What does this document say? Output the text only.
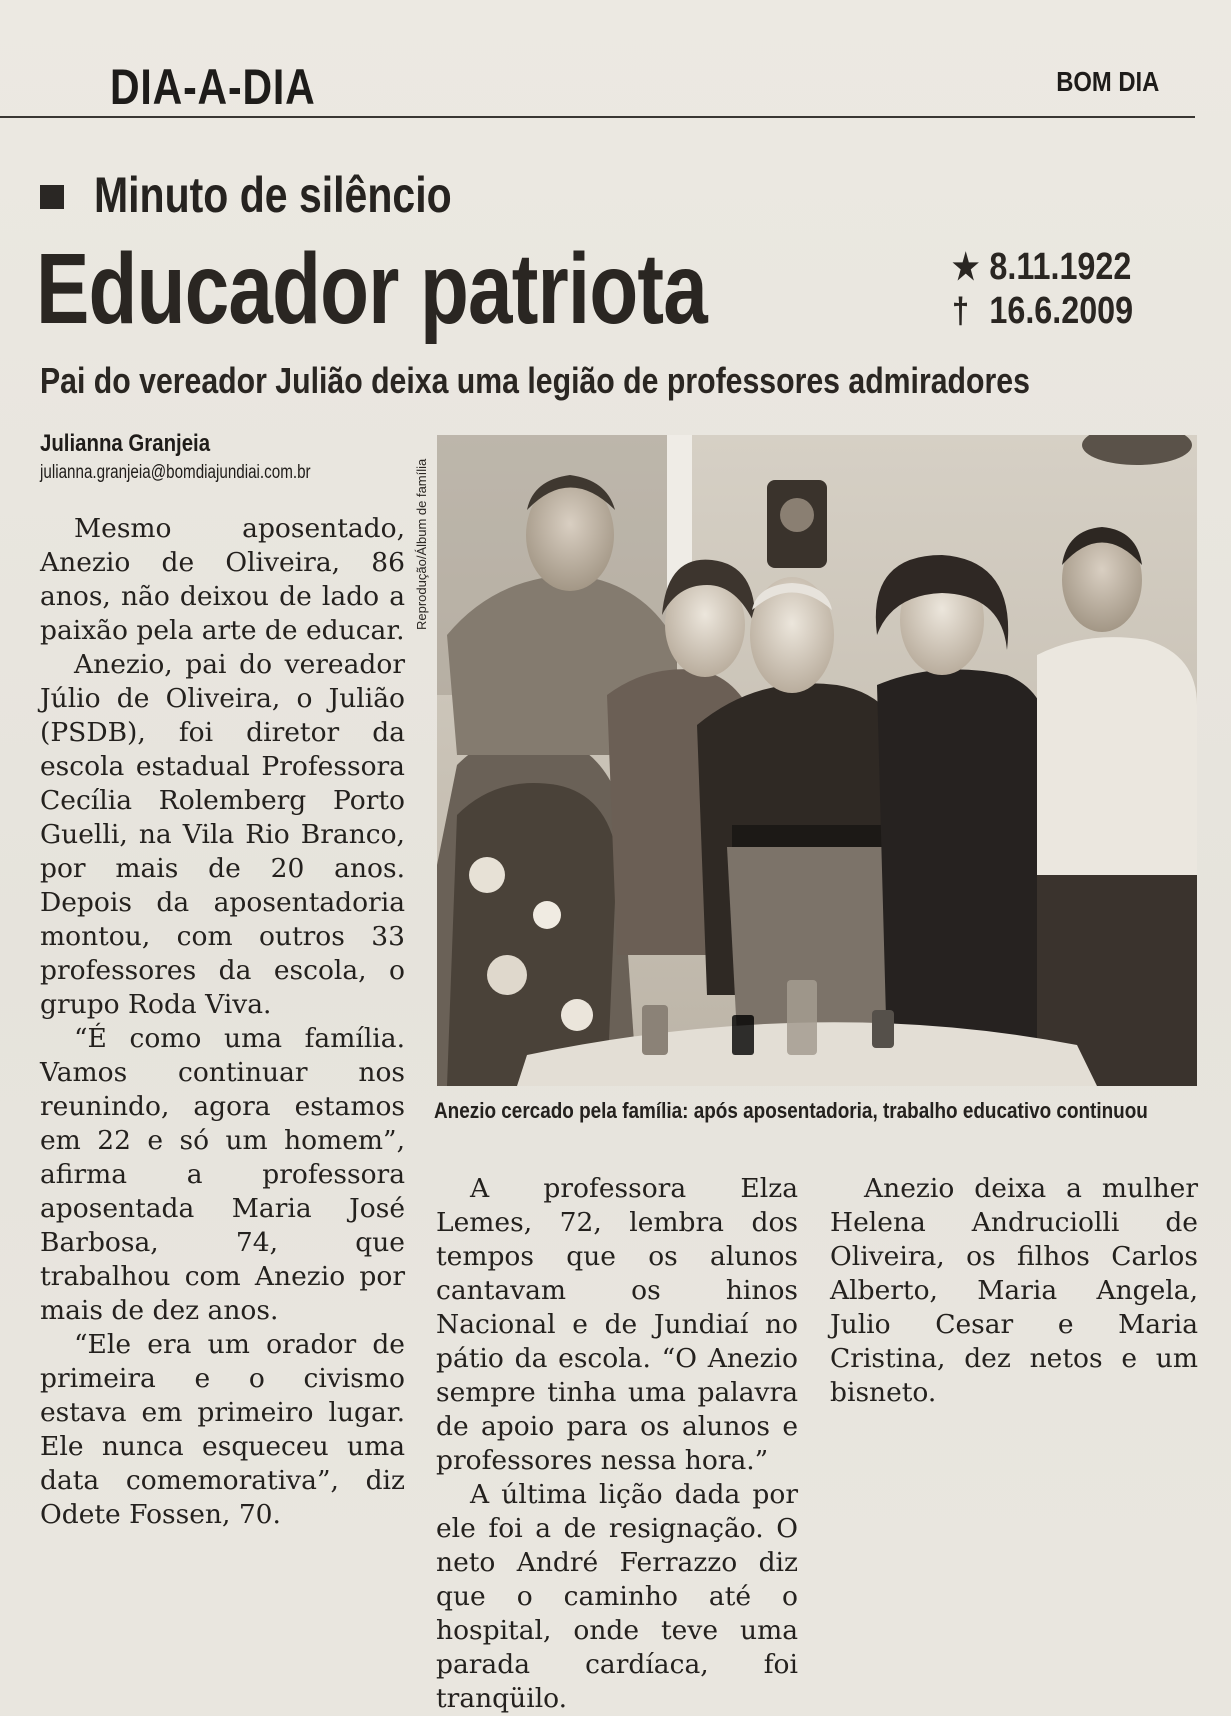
DIA-A-DIA	BOM DIA
Minuto de silêncio
Educador patriota	★ 8.11.1922
† 16.6.2009
Pai do vereador Julião deixa uma legião de professores admiradores
Julianna Granjeia
julianna.granjeia@bomdiajundiai.com.br	Reprodução/Álbum de família

Mesmo aposentado, Anezio de Oliveira, 86 anos, não deixou de lado a paixão pela arte de educar.

Anezio, pai do vereador Júlio de Oliveira, o Julião (PSDB), foi diretor da escola estadual Professora Cecília Rolemberg Porto Guelli, na Vila Rio Branco, por mais de 20 anos. Depois da aposentadoria montou, com outros 33 professores da escola, o grupo Roda Viva.

“É como uma família. Vamos continuar nos reunindo, agora estamos em 22 e só um homem”, afirma a professora aposentada Maria José Barbosa, 74, que trabalhou com Anezio por mais de dez anos.

“Ele era um orador de primeira e o civismo estava em primeiro lugar. Ele nunca esqueceu uma data comemorativa”, diz Odete Fossen, 70.

Anezio cercado pela família: após aposentadoria, trabalho educativo continuou

A professora Elza Lemes, 72, lembra dos tempos que os alunos cantavam os hinos Nacional e de Jundiaí no pátio da escola. “O Anezio sempre tinha uma palavra de apoio para os alunos e professores nessa hora.”

A última lição dada por ele foi a de resignação. O neto André Ferrazzo diz que o caminho até o hospital, onde teve uma parada cardíaca, foi tranqüilo.

Anezio deixa a mulher Helena Andruciolli de Oliveira, os filhos Carlos Alberto, Maria Angela, Julio Cesar e Maria Cristina, dez netos e um bisneto.
